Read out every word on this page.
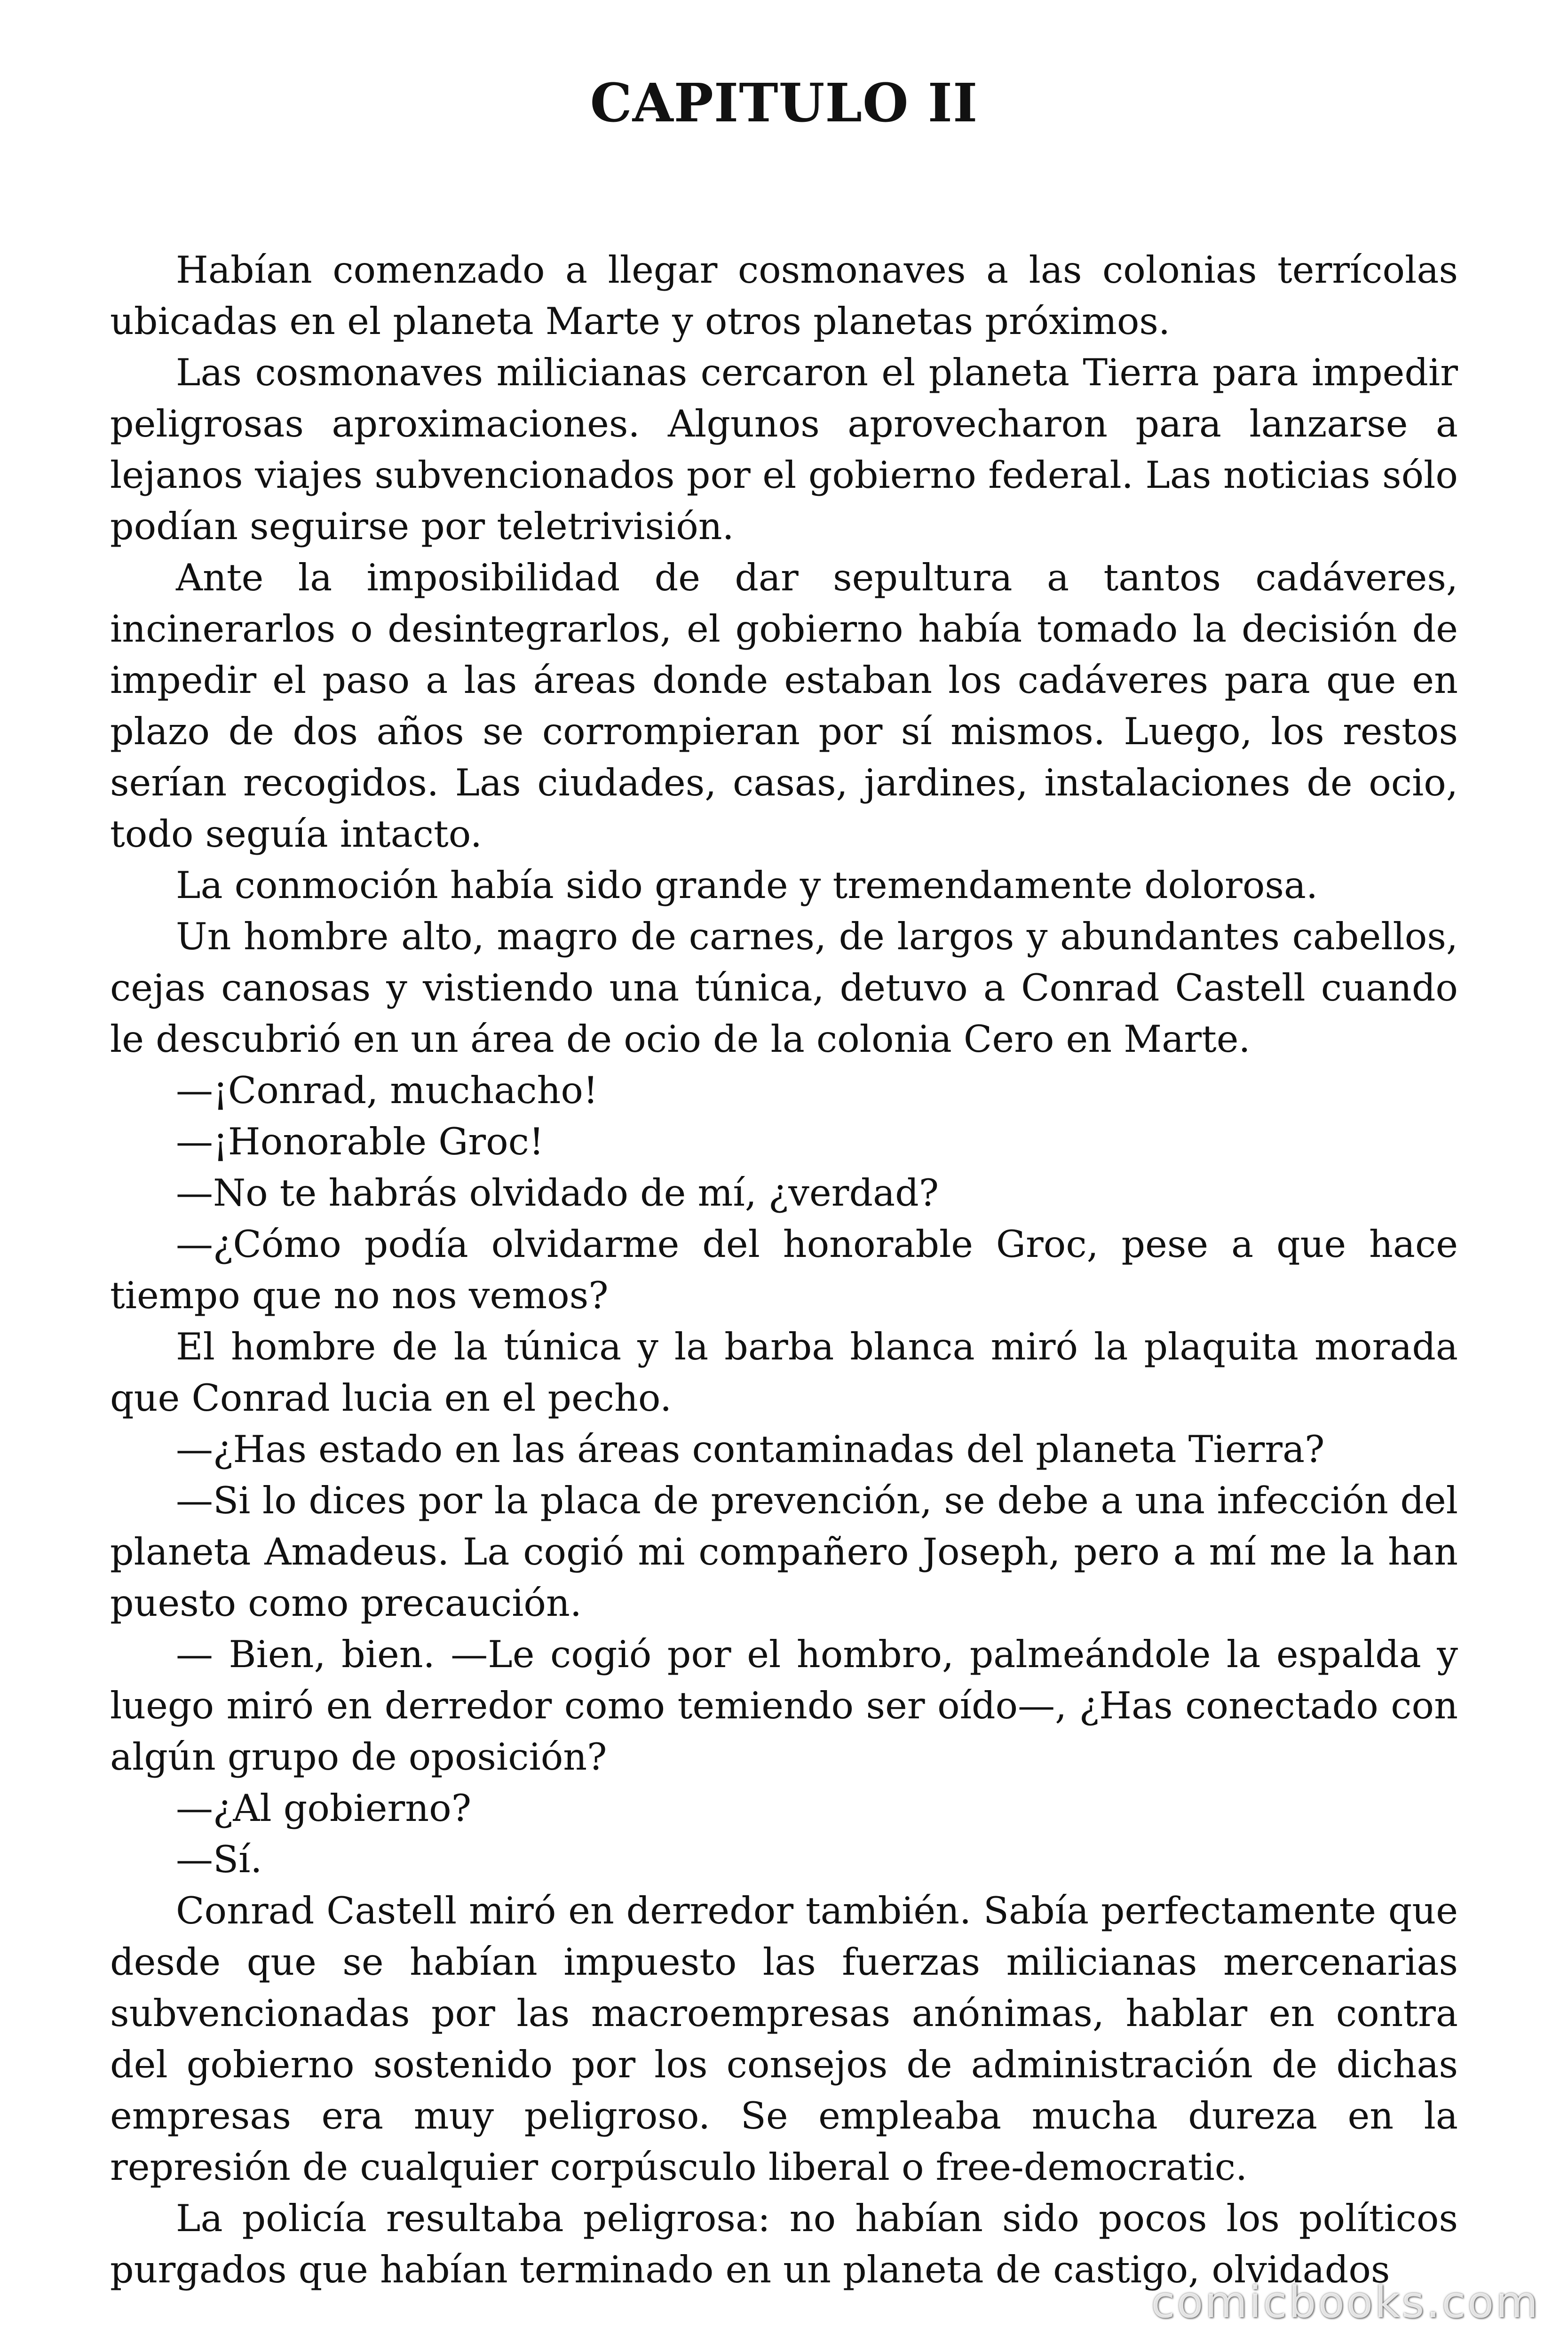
CAPITULO II

Habían comenzado a llegar cosmonaves a las colonias terrícolas ubicadas en el planeta Marte y otros planetas próximos.

Las cosmonaves milicianas cercaron el planeta Tierra para impedir peligrosas aproximaciones. Algunos aprovecharon para lanzarse a lejanos viajes subvencionados por el gobierno federal. Las noticias sólo podían seguirse por teletrivisión.

Ante la imposibilidad de dar sepultura a tantos cadáveres, incinerarlos o desintegrarlos, el gobierno había tomado la decisión de impedir el paso a las áreas donde estaban los cadáveres para que en plazo de dos años se corrompieran por sí mismos. Luego, los restos serían recogidos. Las ciudades, casas, jardines, instalaciones de ocio, todo seguía intacto.

La conmoción había sido grande y tremendamente dolorosa.

Un hombre alto, magro de carnes, de largos y abundantes cabellos, cejas canosas y vistiendo una túnica, detuvo a Conrad Castell cuando le descubrió en un área de ocio de la colonia Cero en Marte.

—¡Conrad, muchacho!

—¡Honorable Groc!

—No te habrás olvidado de mí, ¿verdad?

—¿Cómo podía olvidarme del honorable Groc, pese a que hace tiempo que no nos vemos?

El hombre de la túnica y la barba blanca miró la plaquita morada que Conrad lucia en el pecho.

—¿Has estado en las áreas contaminadas del planeta Tierra?

—Si lo dices por la placa de prevención, se debe a una infección del planeta Amadeus. La cogió mi compañero Joseph, pero a mí me la han puesto como precaución.

— Bien, bien. —Le cogió por el hombro, palmeándole la espalda y luego miró en derredor como temiendo ser oído—, ¿Has conectado con algún grupo de oposición?

—¿Al gobierno?

—Sí.

Conrad Castell miró en derredor también. Sabía perfectamente que desde que se habían impuesto las fuerzas milicianas mercenarias subvencionadas por las macroempresas anónimas, hablar en contra del gobierno sostenido por los consejos de administración de dichas empresas era muy peligroso. Se empleaba mucha dureza en la represión de cualquier corpúsculo liberal o free-democratic.

La policía resultaba peligrosa: no habían sido pocos los políticos purgados que habían terminado en un planeta de castigo, olvidados

comicbooks.com
